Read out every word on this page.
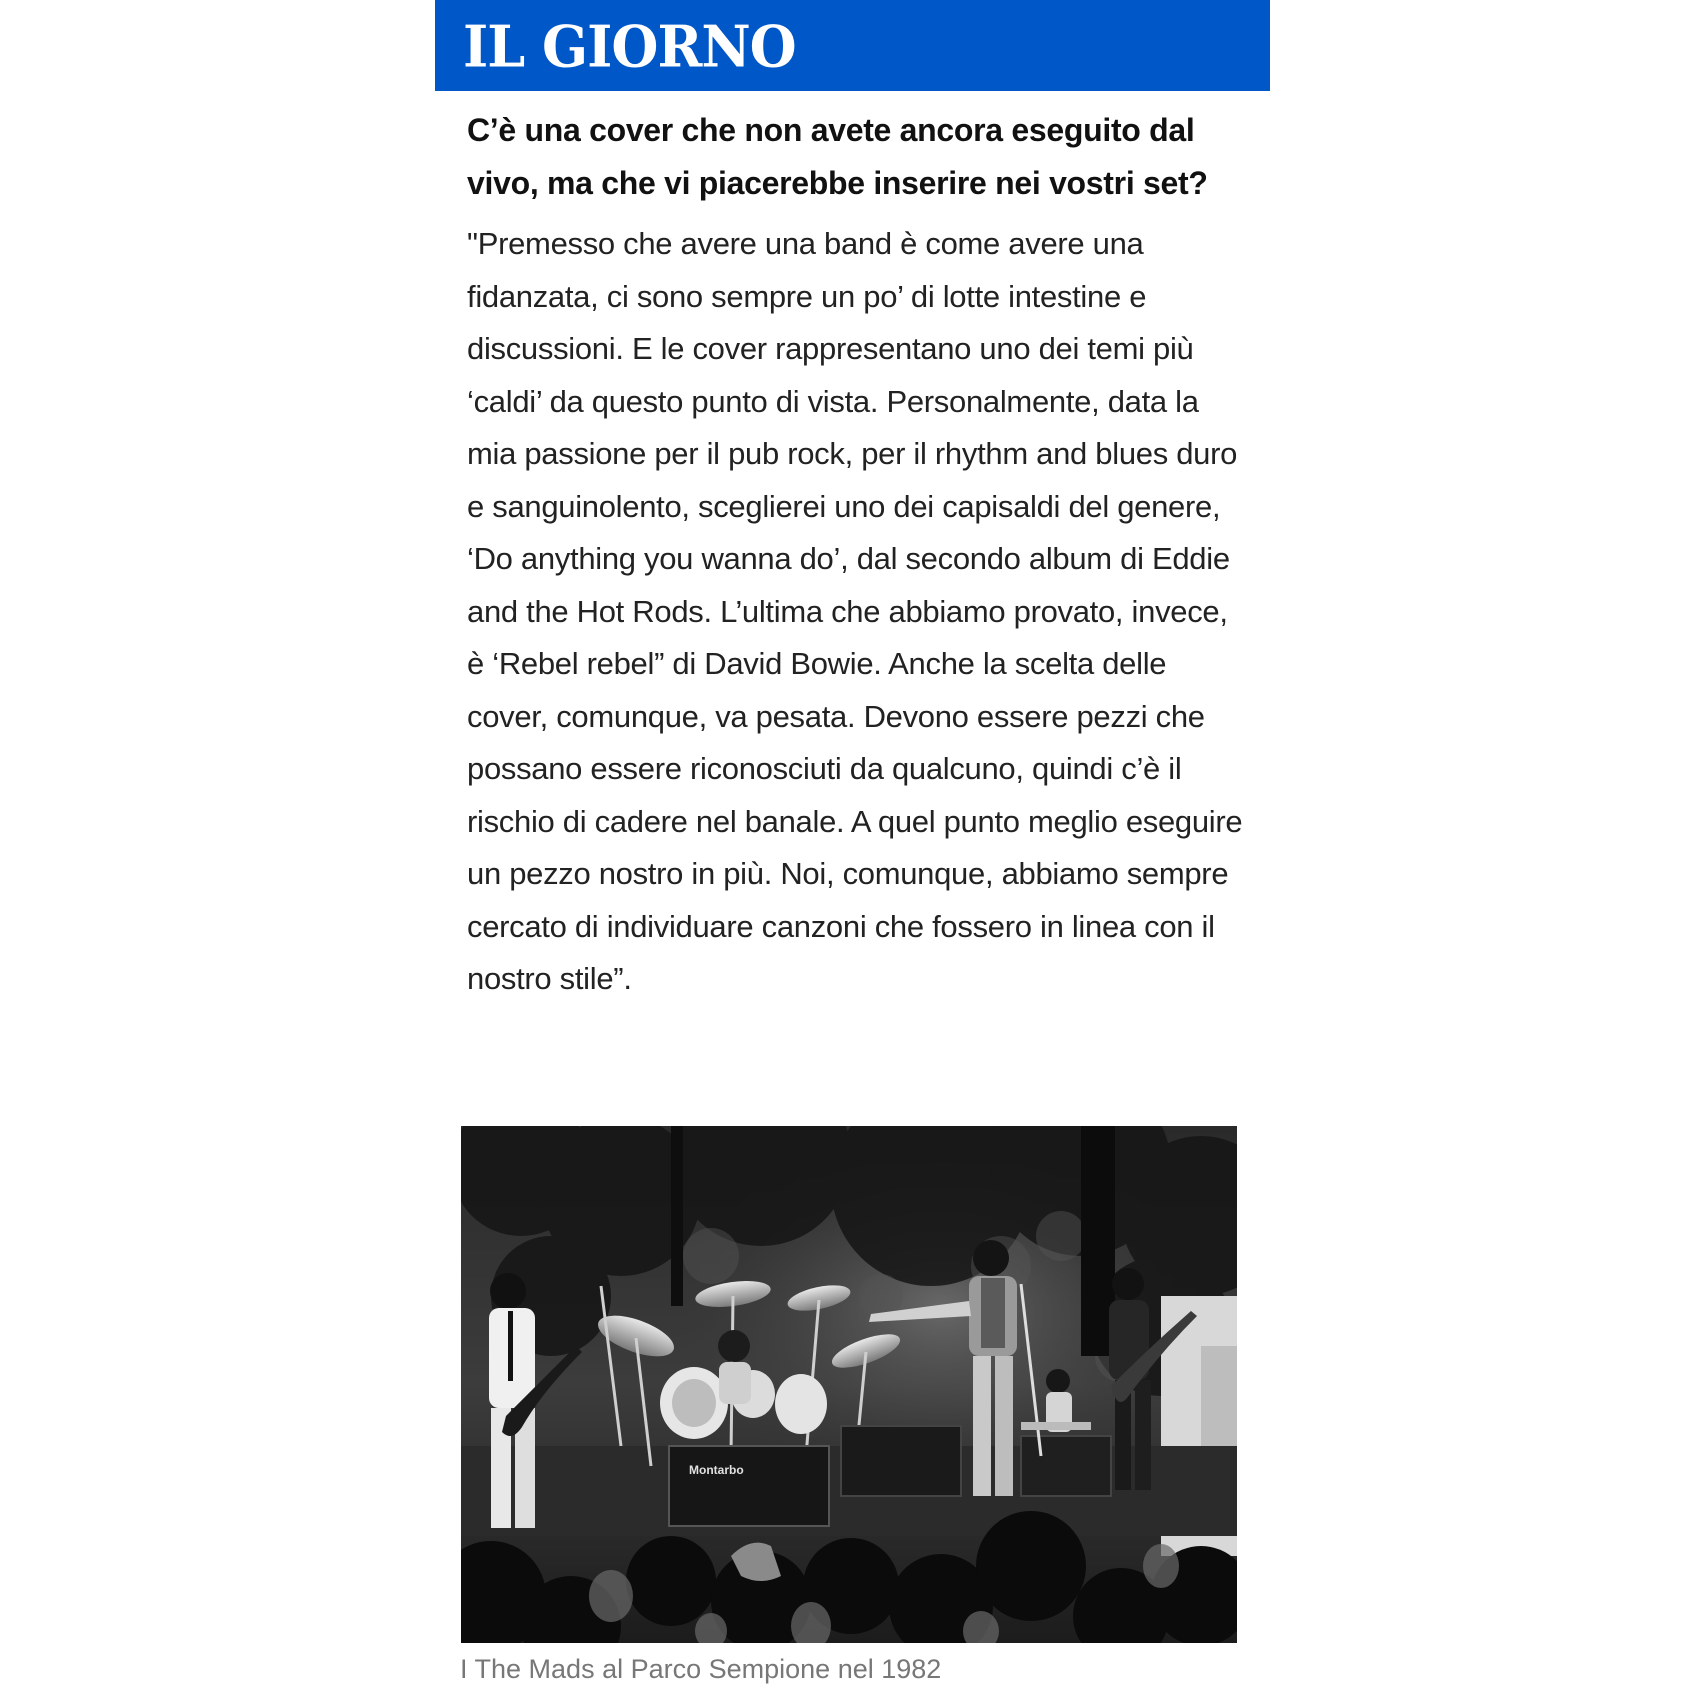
IL GIORNO
C’è una cover che non avete ancora eseguito dal vivo, ma che vi piacerebbe inserire nei vostri set?

"Premesso che avere una band è come avere una fidanzata, ci sono sempre un po’ di lotte intestine e discussioni. E le cover rappresentano uno dei temi più ‘caldi’ da questo punto di vista. Personalmente, data la mia passione per il pub rock, per il rhythm and blues duro e sanguinolento, sceglierei uno dei capisaldi del genere, ‘Do anything you wanna do’, dal secondo album di Eddie and the Hot Rods. L’ultima che abbiamo provato, invece, è ‘Rebel rebel” di David Bowie. Anche la scelta delle cover, comunque, va pesata. Devono essere pezzi che possano essere riconosciuti da qualcuno, quindi c’è il rischio di cadere nel banale. A quel punto meglio eseguire un pezzo nostro in più. Noi, comunque, abbiamo sempre cercato di individuare canzoni che fossero in linea con il nostro stile”.

Montarbo
I The Mads al Parco Sempione nel 1982
